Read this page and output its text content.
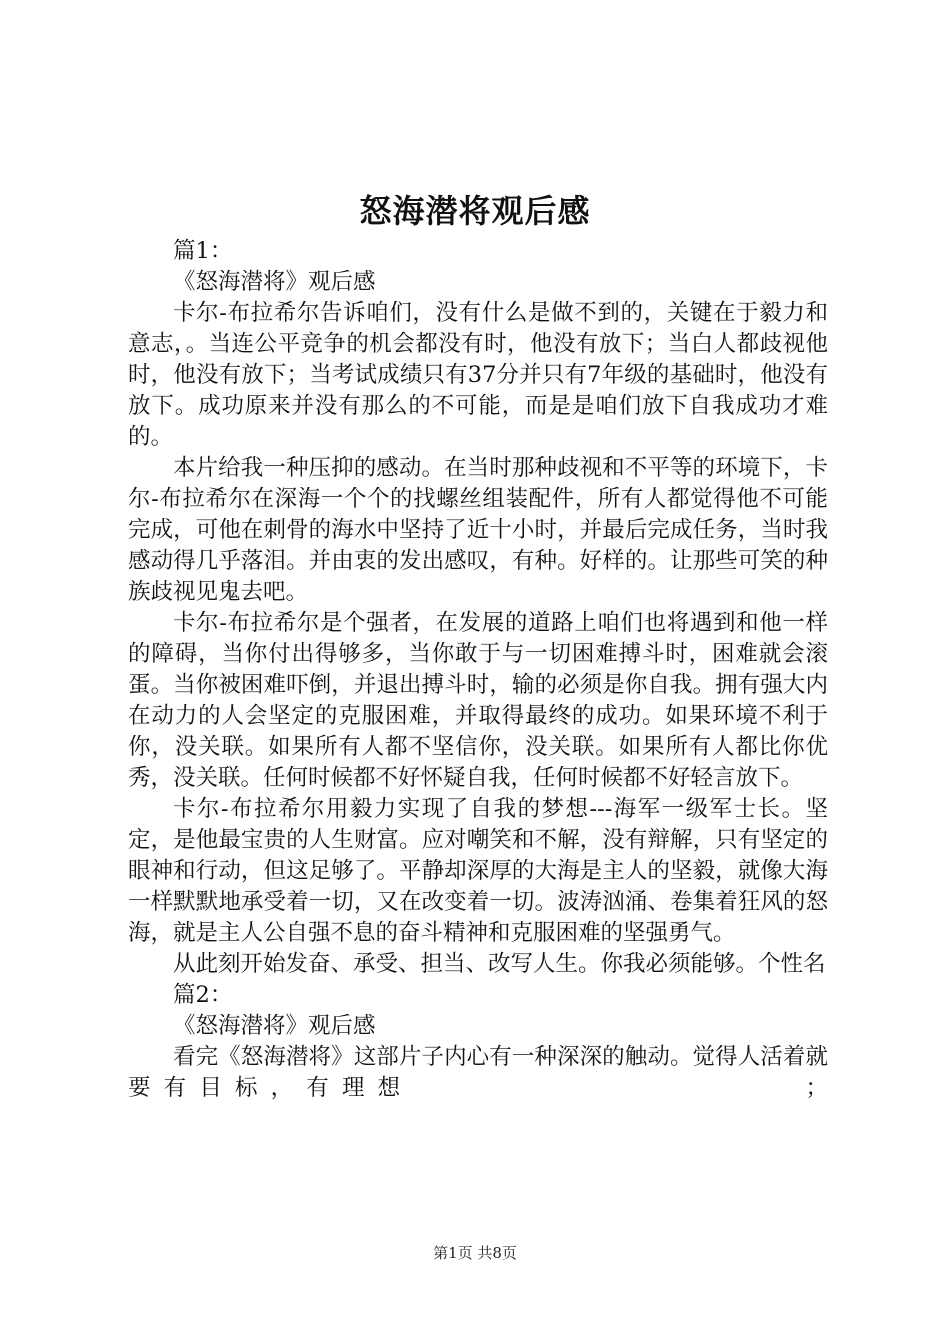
怒海潜将观后感

篇1：

《怒海潜将》观后感

卡尔-布拉希尔告诉咱们，没有什么是做不到的，关键在于毅力和意志，。当连公平竞争的机会都没有时，他没有放下；当白人都歧视他时，他没有放下；当考试成绩只有37分并只有7年级的基础时，他没有放下。成功原来并没有那么的不可能，而是是咱们放下自我成功才难的。

本片给我一种压抑的感动。在当时那种歧视和不平等的环境下，卡尔-布拉希尔在深海一个个的找螺丝组装配件，所有人都觉得他不可能完成，可他在刺骨的海水中坚持了近十小时，并最后完成任务，当时我感动得几乎落泪。并由衷的发出感叹，有种。好样的。让那些可笑的种族歧视见鬼去吧。

卡尔-布拉希尔是个强者，在发展的道路上咱们也将遇到和他一样的障碍，当你付出得够多，当你敢于与一切困难搏斗时，困难就会滚蛋。当你被困难吓倒，并退出搏斗时，输的必须是你自我。拥有强大内在动力的人会坚定的克服困难，并取得最终的成功。如果环境不利于你，没关联。如果所有人都不坚信你，没关联。如果所有人都比你优秀，没关联。任何时候都不好怀疑自我，任何时候都不好轻言放下。

卡尔-布拉希尔用毅力实现了自我的梦想---海军一级军士长。坚定，是他最宝贵的人生财富。应对嘲笑和不解，没有辩解，只有坚定的眼神和行动，但这足够了。平静却深厚的大海是主人的坚毅，就像大海一样默默地承受着一切，又在改变着一切。波涛汹涌、卷集着狂风的怒海，就是主人公自强不息的奋斗精神和克服困难的坚强勇气。

从此刻开始发奋、承受、担当、改写人生。你我必须能够。个性名

篇2：

《怒海潜将》观后感

看完《怒海潜将》这部片子内心有一种深深的触动。觉得人活着就要有目标，有理想　　　　　　　　　　　；

第1页 共8页
